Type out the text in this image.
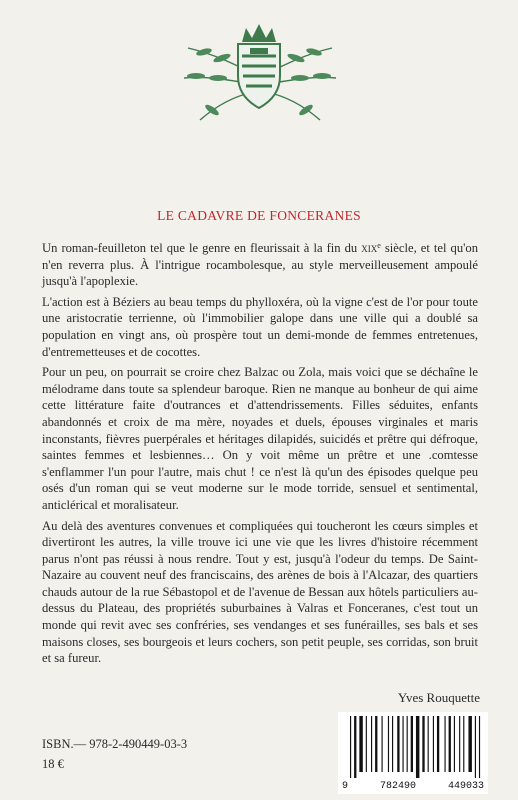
LE CADAVRE DE FONCERANES

Un roman-feuilleton tel que le genre en fleurissait à la fin du xix$^e$ siècle, et tel qu'on n'en reverra plus. À l'intrigue rocambolesque, au style merveilleusement ampoulé jusqu'à l'apoplexie.

L'action est à Béziers au beau temps du phylloxéra, où la vigne c'est de l'or pour toute une aristocratie terrienne, où l'immobilier galope dans une ville qui a doublé sa population en vingt ans, où prospère tout un demi-monde de femmes entretenues, d'entremetteuses et de cocottes.

Pour un peu, on pourrait se croire chez Balzac ou Zola, mais voici que se déchaîne le mélodrame dans toute sa splendeur baroque. Rien ne manque au bonheur de qui aime cette littérature faite d'outrances et d'attendrissements. Filles séduites, enfants abandonnés et croix de ma mère, noyades et duels, épouses virginales et maris inconstants, fièvres puerpérales et héritages dilapidés, suicidés et prêtre qui défroque, saintes femmes et lesbiennes… On y voit même un prêtre et une .comtesse s'enflammer l'un pour l'autre, mais chut ! ce n'est là qu'un des épisodes quelque peu osés d'un roman qui se veut moderne sur le mode torride, sensuel et sentimental, anticlérical et moralisateur.

Au delà des aventures convenues et compliquées qui toucheront les cœurs simples et divertiront les autres, la ville trouve ici une vie que les livres d'histoire récemment parus n'ont pas réussi à nous rendre. Tout y est, jusqu'à l'odeur du temps. De Saint-Nazaire au couvent neuf des franciscains, des arènes de bois à l'Alcazar, des quartiers chauds autour de la rue Sébastopol et de l'avenue de Bessan aux hôtels particuliers au-dessus du Plateau, des propriétés suburbaines à Valras et Fonceranes, c'est tout un monde qui revit avec ses confréries, ses vendanges et ses funérailles, ses bals et ses maisons closes, ses bourgeois et leurs cochers, son petit peuple, ses corridas, son bruit et sa fureur.

Yves Rouquette
ISBN.— 978-2-490449-03-3
18 €
9	782490	449033
